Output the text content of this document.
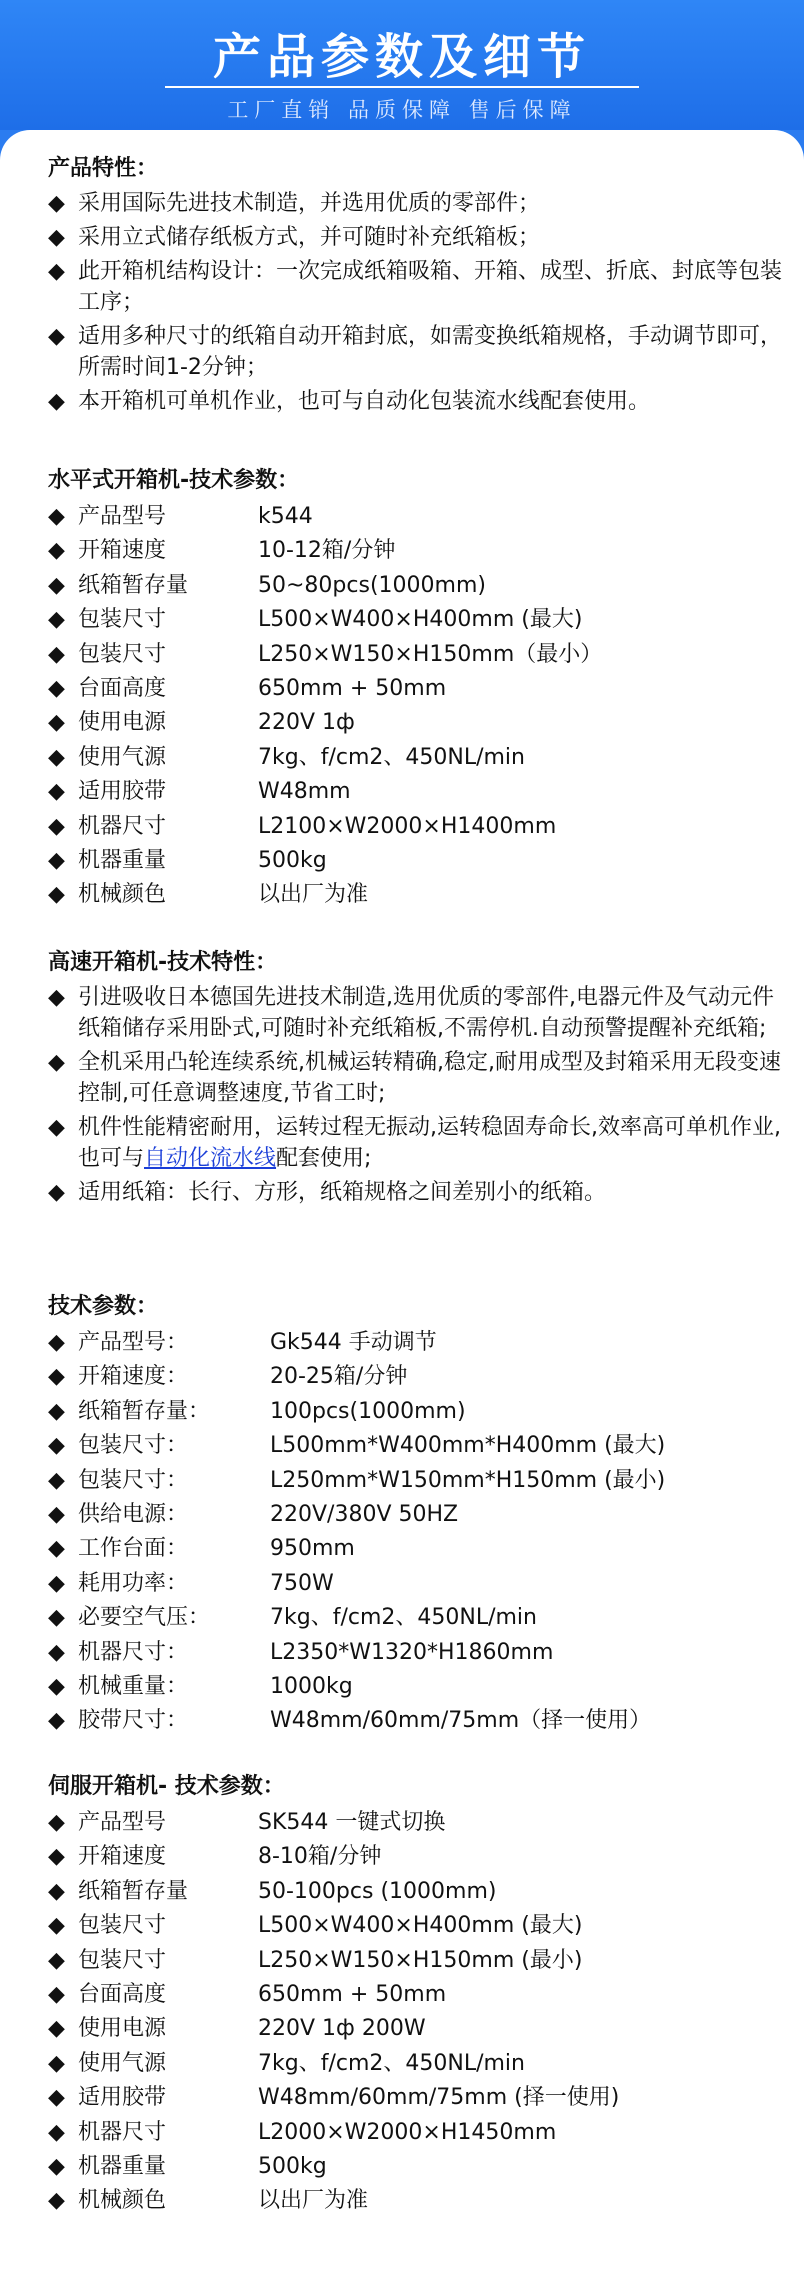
产品参数及细节
工厂直销 品质保障 售后保障
产品特性：
◆ 采用国际先进技术制造，并选用优质的零部件；
◆ 采用立式储存纸板方式，并可随时补充纸箱板；
◆ 此开箱机结构设计：一次完成纸箱吸箱、开箱、成型、折底、封底等包装工序；
◆ 适用多种尺寸的纸箱自动开箱封底，如需变换纸箱规格，手动调节即可，所需时间1-2分钟；
◆ 本开箱机可单机作业，也可与自动化包装流水线配套使用。
水平式开箱机-技术参数：
◆ 产品型号	k544
◆ 开箱速度	10-12箱/分钟
◆ 纸箱暂存量	50~80pcs(1000mm)
◆ 包装尺寸	L500×W400×H400mm (最大)
◆ 包装尺寸	L250×W150×H150mm（最小）
◆ 台面高度	650mm + 50mm
◆ 使用电源	220V 1ф
◆ 使用气源	7kg、f/cm2、450NL/min
◆ 适用胶带	W48mm
◆ 机器尺寸	L2100×W2000×H1400mm
◆ 机器重量	500kg
◆ 机械颜色	以出厂为准
高速开箱机-技术特性：
◆ 引进吸收日本德国先进技术制造,选用优质的零部件,电器元件及气动元件纸箱储存采用卧式,可随时补充纸箱板,不需停机.自动预警提醒补充纸箱;
◆ 全机采用凸轮连续系统,机械运转精确,稳定,耐用成型及封箱采用无段变速控制,可任意调整速度,节省工时;
◆ 机件性能精密耐用，运转过程无振动,运转稳固寿命长,效率高可单机作业,也可与自动化流水线配套使用;
◆ 适用纸箱：长行、方形，纸箱规格之间差别小的纸箱。
技术参数：
◆ 产品型号：	Gk544 手动调节
◆ 开箱速度：	20-25箱/分钟
◆ 纸箱暂存量：	100pcs(1000mm)
◆ 包装尺寸：	L500mm*W400mm*H400mm (最大)
◆ 包装尺寸：	L250mm*W150mm*H150mm (最小)
◆ 供给电源：	220V/380V 50HZ
◆ 工作台面：	950mm
◆ 耗用功率：	750W
◆ 必要空气压：	7kg、f/cm2、450NL/min
◆ 机器尺寸：	L2350*W1320*H1860mm
◆ 机械重量：	1000kg
◆ 胶带尺寸：	W48mm/60mm/75mm（择一使用）
伺服开箱机- 技术参数：
◆ 产品型号	SK544 一键式切换
◆ 开箱速度	8-10箱/分钟
◆ 纸箱暂存量	50-100pcs (1000mm)
◆ 包装尺寸	L500×W400×H400mm (最大)
◆ 包装尺寸	L250×W150×H150mm (最小)
◆ 台面高度	650mm + 50mm
◆ 使用电源	220V 1ф 200W
◆ 使用气源	7kg、f/cm2、450NL/min
◆ 适用胶带	W48mm/60mm/75mm (择一使用)
◆ 机器尺寸	L2000×W2000×H1450mm
◆ 机器重量	500kg
◆ 机械颜色	以出厂为准
